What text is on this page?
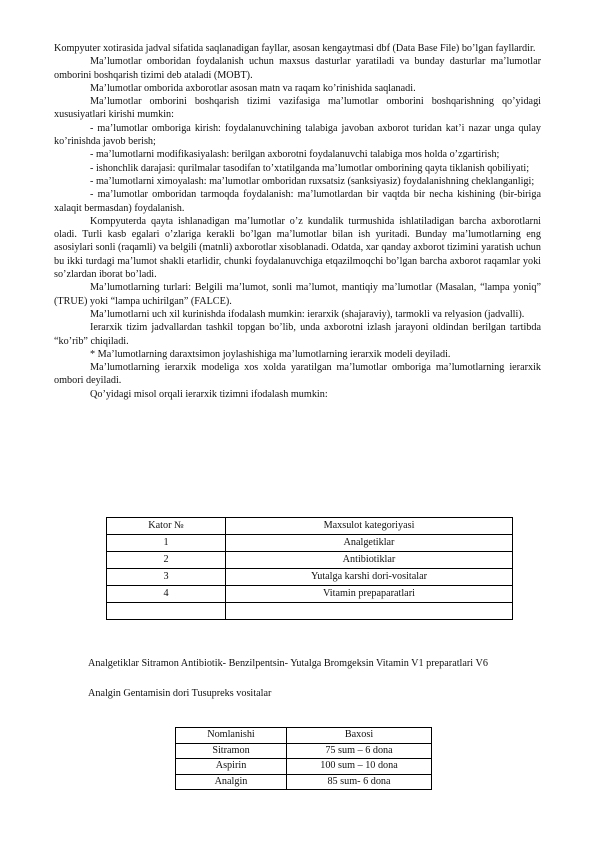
Kompyuter xotirasida jadval sifatida saqlanadigan fayllar, asosan kengaytmasi dbf (Data Base File) bo’lgan fayllardir.

Ma’lumotlar omboridan foydalanish uchun maxsus dasturlar yaratiladi va bunday dasturlar ma’lumotlar omborini boshqarish tizimi deb ataladi (MOBT).

Ma’lumotlar omborida axborotlar asosan matn va raqam ko’rinishida saqlanadi.

Ma’lumotlar omborini boshqarish tizimi vazifasiga ma’lumotlar omborini boshqarishning qo’yidagi xususiyatlari kirishi mumkin:

- ma’lumotlar omboriga kirish: foydalanuvchining talabiga javoban axborot turidan kat’i nazar unga qulay ko’rinishda javob berish;

- ma’lumotlarni modifikasiyalash: berilgan axborotni foydalanuvchi talabiga mos holda o’zgartirish;

- ishonchlik darajasi: qurilmalar tasodifan to’xtatilganda ma’lumotlar omborining qayta tiklanish qobiliyati;

- ma’lumotlarni ximoyalash: ma’lumotlar omboridan ruxsatsiz (sanksiyasiz) foydalanishning cheklanganligi;

- ma’lumotlar omboridan tarmoqda foydalanish: ma’lumotlardan bir vaqtda bir necha kishining (bir-biriga xalaqit bermasdan) foydalanish.

Kompyuterda qayta ishlanadigan ma’lumotlar o’z kundalik turmushida ishlatiladigan barcha axborotlarni oladi. Turli kasb egalari o’zlariga kerakli bo’lgan ma’lumotlar bilan ish yuritadi. Bunday ma’lumotlarning eng asosiylari sonli (raqamli) va belgili (matnli) axborotlar xisoblanadi. Odatda, xar qanday axborot tizimini yaratish uchun bu ikki turdagi ma’lumot shakli etarlidir, chunki foydalanuvchiga etqazilmoqchi bo’lgan barcha axborot raqamlar yoki so’zlardan iborat bo’ladi.

Ma’lumotlarning turlari: Belgili ma’lumot, sonli ma’lumot, mantiqiy ma’lumotlar (Masalan, “lampa yoniq” (TRUE) yoki “lampa uchirilgan” (FALCE).

Ma’lumotlarni uch xil kurinishda ifodalash mumkin: ierarxik (shajaraviy), tarmokli va relyasion (jadvalli).

Ierarxik tizim jadvallardan tashkil topgan bo’lib, unda axborotni izlash jarayoni oldindan berilgan tartibda “ko’rib” chiqiladi.

* Ma’lumotlarning daraxtsimon joylashishiga ma’lumotlarning ierarxik modeli deyiladi.

Ma’lumotlarning ierarxik modeliga xos xolda yaratilgan ma’lumotlar omboriga ma’lumotlarning ierarxik ombori deyiladi.

Qo’yidagi misol orqali ierarxik tizimni ifodalash mumkin:

Kator №	Maxsulot kategoriyasi
1	Analgetiklar
2	Antibiotiklar
3	Yutalga karshi dori-vositalar
4	Vitamin prepaparatlari

Analgetiklar Sitramon Antibiotik- Benzilpentsin- Yutalga Bromgeksin Vitamin V1 preparatlari V6

Analgin Gentamisin dori Tusupreks vositalar

Nomlanishi	Baxosi
Sitramon	75 sum – 6 dona
Aspirin	100 sum – 10 dona
Analgin	85 sum- 6 dona
